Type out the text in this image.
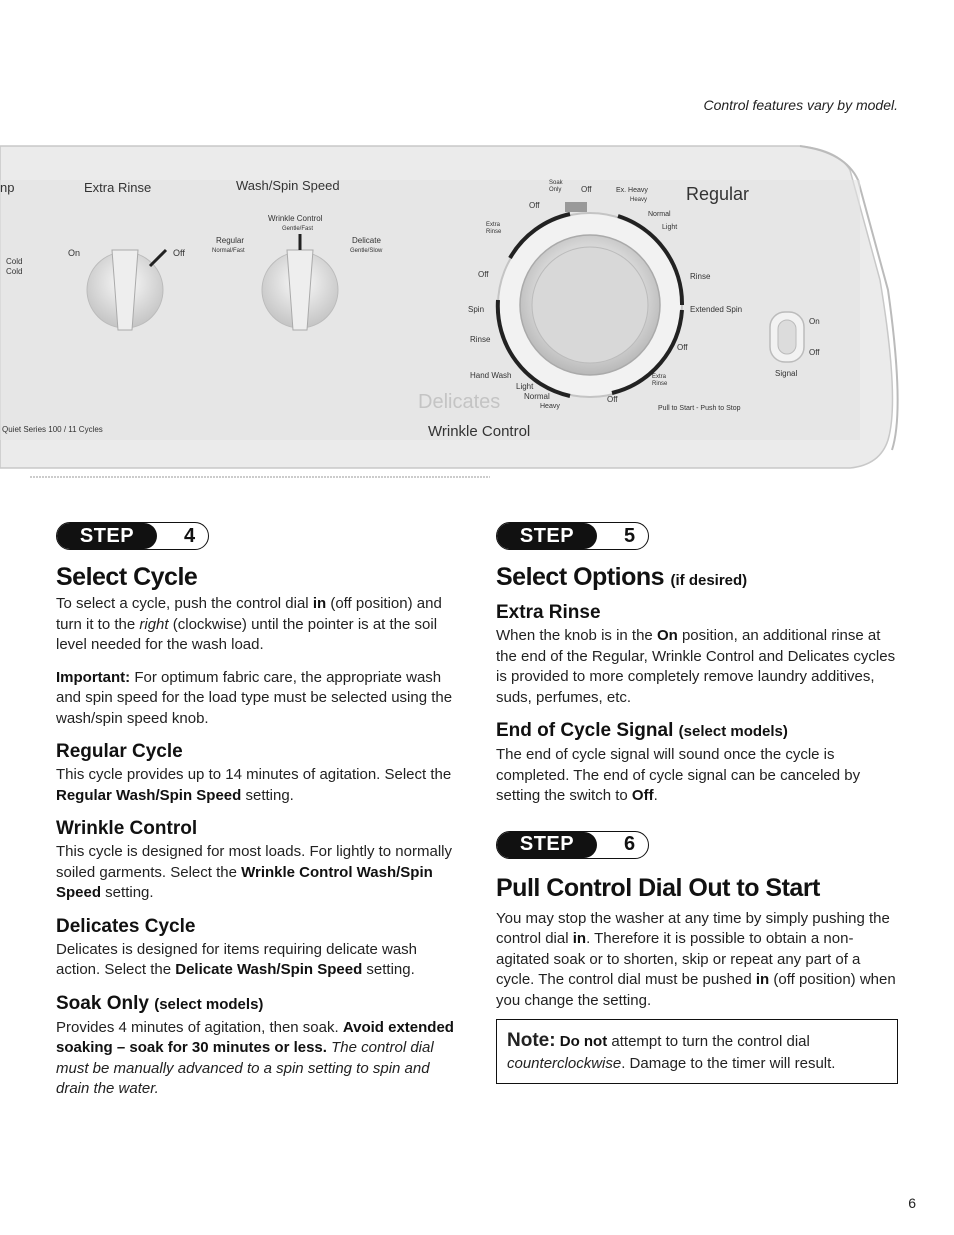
Control features vary by model.
np
Cold
Cold
Extra Rinse
On	Off
Wash/Spin Speed
Wrinkle Control
Gentle/Fast
Regular
Normal/Fast
Delicate
Gentle/Slow
Soak
Only Off
Off
Ex. Heavy
Heavy
Normal
Light
Regular
Rinse
Extended Spin
Off
Extra
Rinse
Off
Extra
Rinse
Off
Spin
Rinse
Hand Wash
Light
Normal
Heavy
Delicates
Quiet Series 100 / 11 Cycles	Wrinkle Control
Pull to Start - Push to Stop
On
Off
Signal
STEP	4
Select Cycle

To select a cycle, push the control dial in (off position) and turn it to the right (clockwise) until the pointer is at the soil level needed for the wash load.

Important: For optimum fabric care, the appropriate wash and spin speed for the load type must be selected using the wash/spin speed knob.

Regular Cycle

This cycle provides up to 14 minutes of agitation. Select the Regular Wash/Spin Speed setting.

Wrinkle Control

This cycle is designed for most loads. For lightly to normally soiled garments. Select the Wrinkle Control Wash/Spin Speed setting.

Delicates Cycle

Delicates is designed for items requiring delicate wash action. Select the Delicate Wash/Spin Speed setting.

Soak Only (select models)

Provides 4 minutes of agitation, then soak. Avoid extended soaking – soak for 30 minutes or less. The control dial must be manually advanced to a spin setting to spin and drain the water.

STEP	5
Select Options (if desired)
Extra Rinse

When the knob is in the On position, an additional rinse at the end of the Regular, Wrinkle Control and Delicates cycles is provided to more completely remove laundry additives, suds, perfumes, etc.

End of Cycle Signal (select models)

The end of cycle signal will sound once the cycle is completed. The end of cycle signal can be canceled by setting the switch to Off.

STEP	6
Pull Control Dial Out to Start

You may stop the washer at any time by simply pushing the control dial in. Therefore it is possible to obtain a non-agitated soak or to shorten, skip or repeat any part of a cycle. The control dial must be pushed in (off position) when you change the setting.

Note: Do not attempt to turn the control dial counterclockwise. Damage to the timer will result.

6
